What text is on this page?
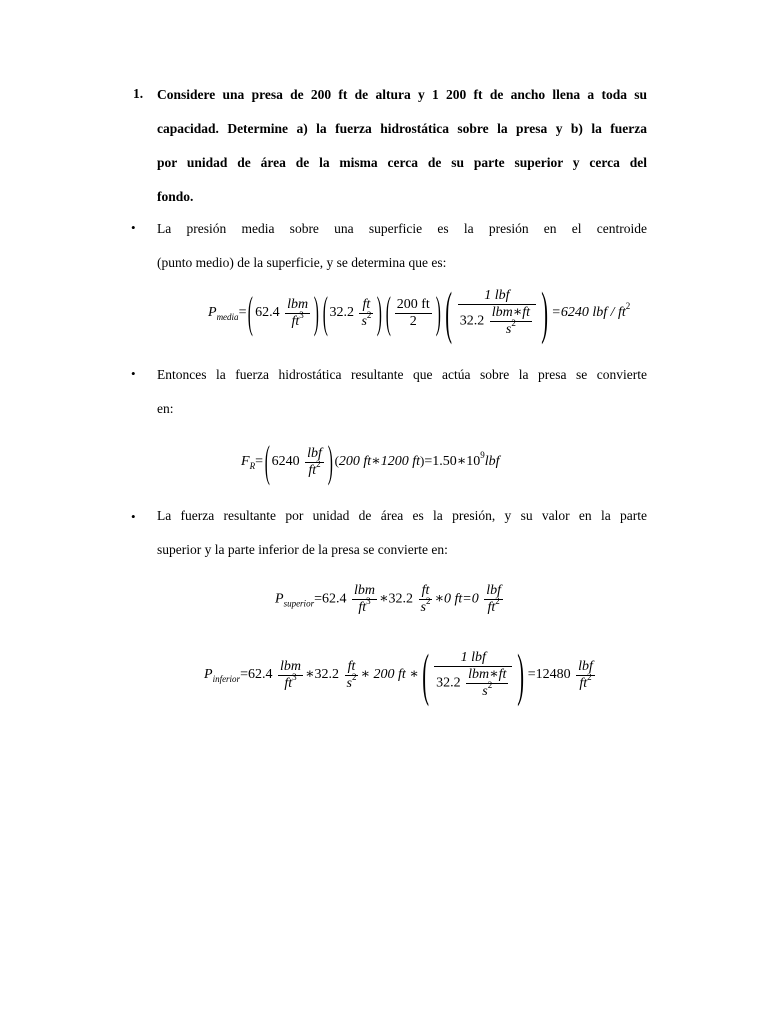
1. Considere una presa de 200 ft de altura y 1 200 ft de ancho llena a toda su
capacidad. Determine a) la fuerza hidrostática sobre la presa y b) la fuerza
por unidad de área de la misma cerca de su parte superior y cerca del
fondo.
• La presión media sobre una superficie es la presión en el centroide
(punto medio) de la superficie, y se determina que es:
$P_{media}=$( $62.4 \frac{\text{lbm}}{ft^3}$ )( $32.2 \frac{ft}{s^2}$ )( $\frac{200 ft}{2}$ )( $\frac{\text{1 lbf}}{32.2 \frac{\text{lbm∗ft}}{s^2}}$ ) =6240 lbf / $ft^2$
• Entonces la fuerza hidrostática resultante que actúa sobre la presa se convierte
en:
$F_R=$( $6240 \frac{\text{lbf}}{ft^2}$ ) (200 ft∗1200 $ft)=1.50∗10^9lbf$
• La fuerza resultante por unidad de área es la presión, y su valor en la parte
superior y la parte inferior de la presa se convierte en:
$P_{superior}=62.4 \frac{\text{lbm}}{ft^3}$ ∗32.2 $\frac{ft}{s^2}$ ∗0 $ft=0 \frac{\text{lbf}}{ft^2}$
$P_{inferior}=62.4 \frac{\text{lbm}}{ft^3}$ ∗32.2 $\frac{ft}{s^2}$ ∗ 200 ft ∗( $\frac{\text{1 lbf}}{32.2 \frac{\text{lbm∗ft}}{s^2}}$ ) $=12480 \frac{\text{lbf}}{ft^2}$
